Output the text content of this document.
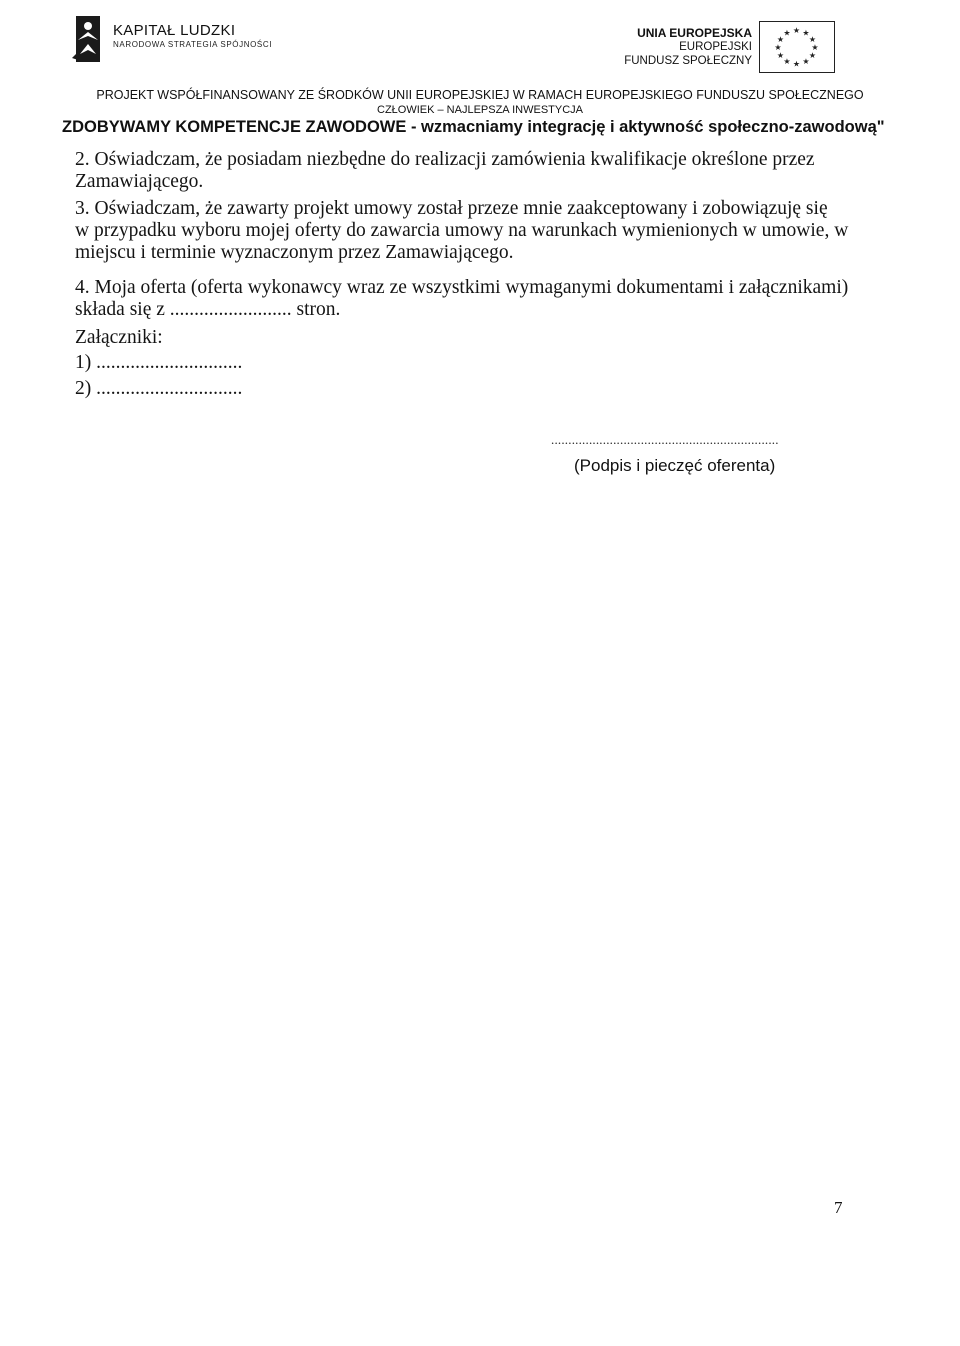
KAPITAŁ LUDZKI
NARODOWA STRATEGIA SPÓJNOŚCI
UNIA EUROPEJSKA
EUROPEJSKI
FUNDUSZ SPOŁECZNY
★ ★
★
★
★
★
★
★
★
★
★
★
PROJEKT WSPÓŁFINANSOWANY ZE ŚRODKÓW UNII EUROPEJSKIEJ W RAMACH EUROPEJSKIEGO FUNDUSZU SPOŁECZNEGO
CZŁOWIEK – NAJLEPSZA INWESTYCJA
ZDOBYWAMY KOMPETENCJE ZAWODOWE - wzmacniamy integrację i aktywność społeczno-zawodową"
2. Oświadczam, że posiadam niezbędne do realizacji zamówienia kwalifikacje określone przez
Zamawiającego.
3. Oświadczam, że zawarty projekt umowy został przeze mnie zaakceptowany i zobowiązuję się
w przypadku wyboru mojej oferty do zawarcia umowy na warunkach wymienionych w umowie, w
miejscu i terminie wyznaczonym przez Zamawiającego.
4. Moja oferta (oferta wykonawcy wraz ze wszystkimi wymaganymi dokumentami i załącznikami)
składa się z ......................... stron.
Załączniki:
1) ..............................
2) ..............................
..................................................................
(Podpis i pieczęć oferenta)
7
